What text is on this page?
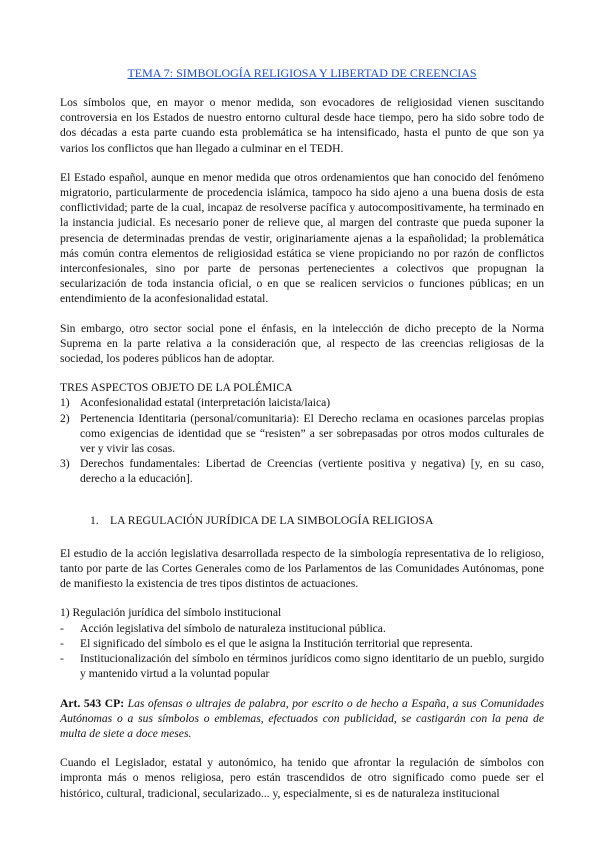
TEMA 7: SIMBOLOGÍA RELIGIOSA Y LIBERTAD DE CREENCIAS

Los símbolos que, en mayor o menor medida, son evocadores de religiosidad vienen suscitando controversia en los Estados de nuestro entorno cultural desde hace tiempo, pero ha sido sobre todo de dos décadas a esta parte cuando esta problemática se ha intensificado, hasta el punto de que son ya varios los conflictos que han llegado a culminar en el TEDH.

El Estado español, aunque en menor medida que otros ordenamientos que han conocido del fenómeno migratorio, particularmente de procedencia islámica, tampoco ha sido ajeno a una buena dosis de esta conflictividad; parte de la cual, incapaz de resolverse pacífica y autocompositivamente, ha terminado en la instancia judicial. Es necesario poner de relieve que, al margen del contraste que pueda suponer la presencia de determinadas prendas de vestir, originariamente ajenas a la españolidad; la problemática más común contra elementos de religiosidad estática se viene propiciando no por razón de conflictos interconfesionales, sino por parte de personas pertenecientes a colectivos que propugnan la secularización de toda instancia oficial, o en que se realicen servicios o funciones públicas; en un entendimiento de la aconfesionalidad estatal.

Sin embargo, otro sector social pone el énfasis, en la intelección de dicho precepto de la Norma Suprema en la parte relativa a la consideración que, al respecto de las creencias religiosas de la sociedad, los poderes públicos han de adoptar.

TRES ASPECTOS OBJETO DE LA POLÉMICA

1) Aconfesionalidad estatal (interpretación laicista/laica)
2) Pertenencia Identitaria (personal/comunitaria): El Derecho reclama en ocasiones parcelas propias como exigencias de identidad que se “resisten” a ser sobrepasadas por otros modos culturales de ver y vivir las cosas.
3) Derechos fundamentales: Libertad de Creencias (vertiente positiva y negativa) [y, en su caso, derecho a la educación].

1. LA REGULACIÓN JURÍDICA DE LA SIMBOLOGÍA RELIGIOSA

El estudio de la acción legislativa desarrollada respecto de la simbología representativa de lo religioso, tanto por parte de las Cortes Generales como de los Parlamentos de las Comunidades Autónomas, pone de manifiesto la existencia de tres tipos distintos de actuaciones.

1) Regulación jurídica del símbolo institucional

-	Acción legislativa del símbolo de naturaleza institucional pública.
-	El significado del símbolo es el que le asigna la Institución territorial que representa.
-	Institucionalización del símbolo en términos jurídicos como signo identitario de un pueblo, surgido y mantenido virtud a la voluntad popular

Art. 543 CP: Las ofensas o ultrajes de palabra, por escrito o de hecho a España, a sus Comunidades Autónomas o a sus símbolos o emblemas, efectuados con publicidad, se castigarán con la pena de multa de siete a doce meses.

Cuando el Legislador, estatal y autonómico, ha tenido que afrontar la regulación de símbolos con impronta más o menos religiosa, pero están trascendidos de otro significado como puede ser el histórico, cultural, tradicional, secularizado... y, especialmente, si es de naturaleza institucional
